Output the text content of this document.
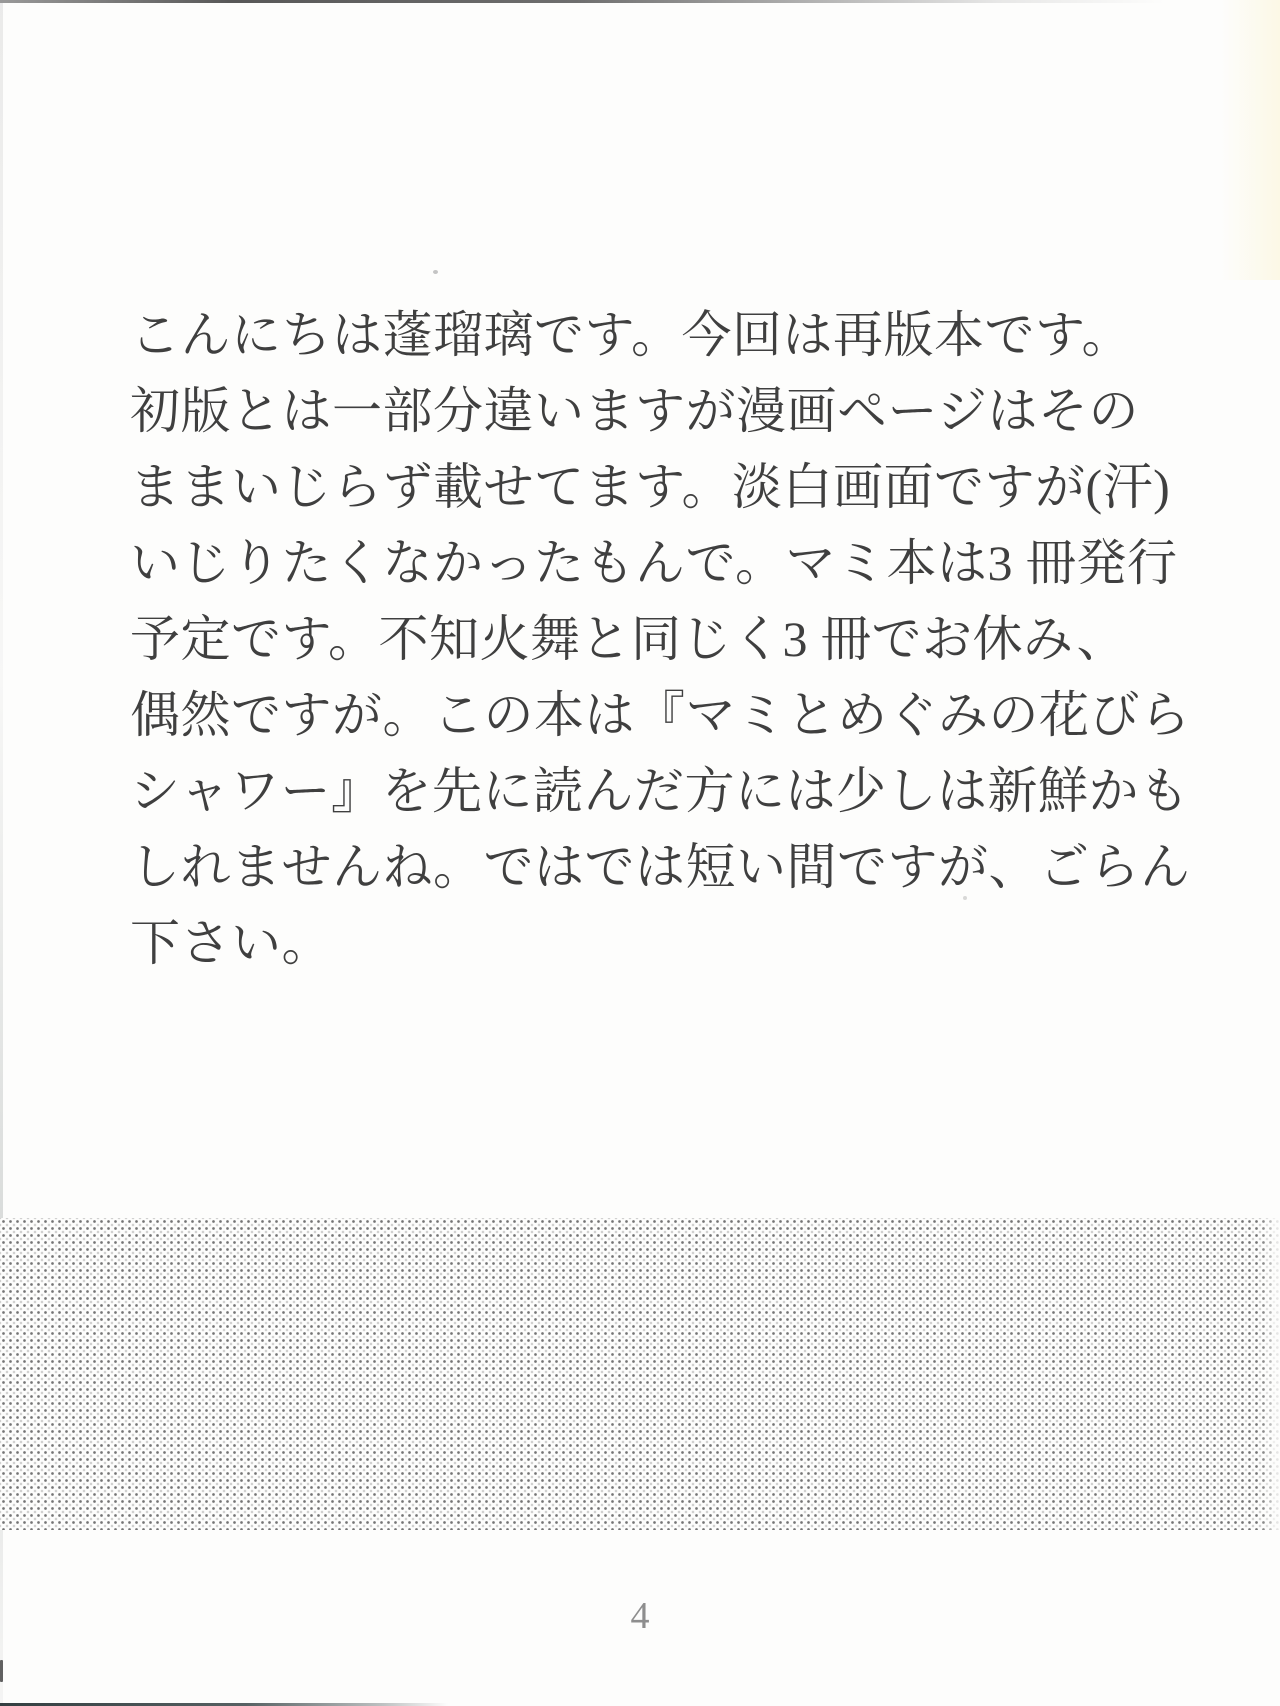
こんにちは蓬瑠璃です。今回は再版本です。
初版とは一部分違いますが漫画ページはその
ままいじらず載せてます。淡白画面ですが(汗)
いじりたくなかったもんで。マミ本は3 冊発行
予定です。不知火舞と同じく3 冊でお休み、
偶然ですが。この本は『マミとめぐみの花びら
シャワー』を先に読んだ方には少しは新鮮かも
しれませんね。ではでは短い間ですが、ごらん
下さい。
4
